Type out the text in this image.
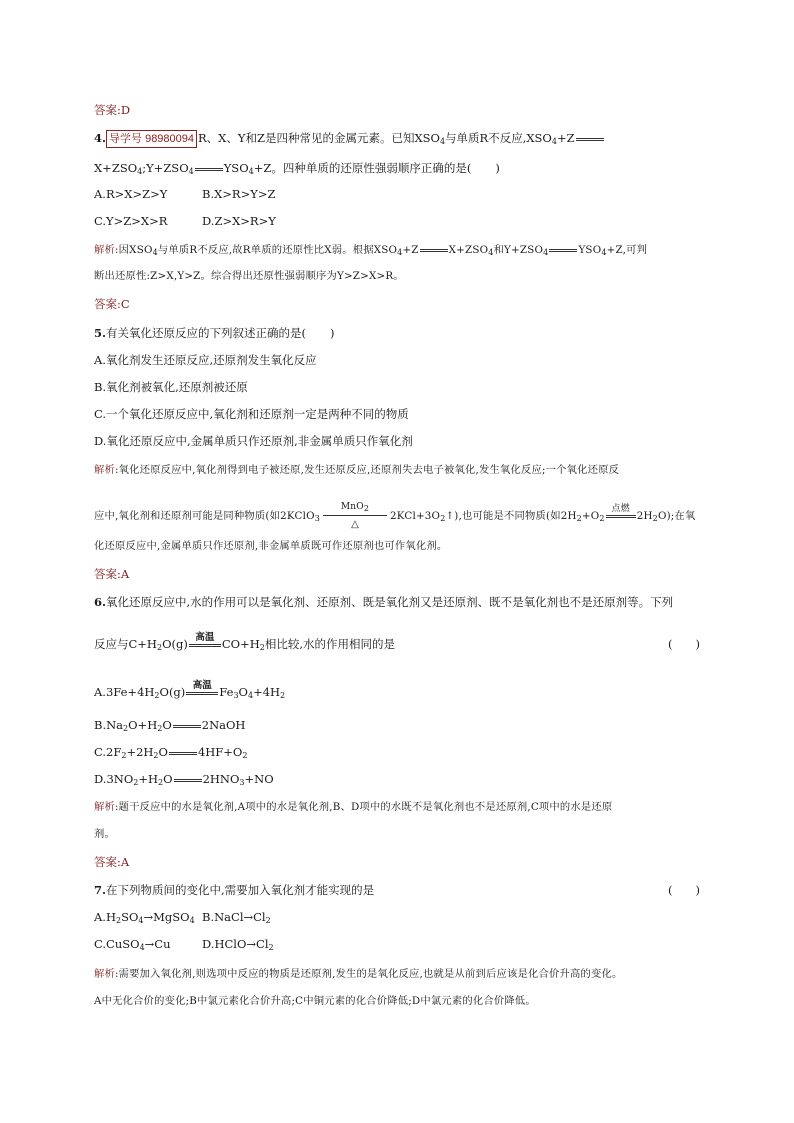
答案:D
4. 导学号 98980094 R、X、Y和Z是四种常见的金属元素。已知$XSO_4$与单质R不反应$,XSO_4+Z$
$X+ZSO_4;Y+ZSO_4$	$YSO_4+Z$。四种单质的还原性强弱顺序正确的是( )
A.R>X>Z>Y	B.X>R>Y>Z
C.Y>Z>X>R	D.Z>X>R>Y
解析:因$XSO_4$与单质R不反应,故R单质的还原性比X弱。根据$XSO_4+Z$	$X+ZSO_4$和$Y+ZSO_4$	$YSO_4+Z$,可判
断出还原性:Z>X,Y>Z。综合得出还原性强弱顺序为Y>Z>X>R。
答案:C
5.有关氧化还原反应的下列叙述正确的是( )
A.氧化剂发生还原反应,还原剂发生氧化反应
B.氧化剂被氧化,还原剂被还原
C.一个氧化还原反应中,氧化剂和还原剂一定是两种不同的物质
D.氧化还原反应中,金属单质只作还原剂,非金属单质只作氧化剂
解析:氧化还原反应中,氧化剂得到电子被还原,发生还原反应,还原剂失去电子被氧化,发生氧化反应;一个氧化还原反
应中,氧化剂和还原剂可能是同种物质(如2KClO$_3$
MnO$_2$
△
$2KCl+3O_2↑$),也可能是不同物质(如$2H_2+O_2$
点燃
$2H_2O$);在氧
化还原反应中,金属单质只作还原剂,非金属单质既可作还原剂也可作氧化剂。
答案:A
6.氧化还原反应中,水的作用可以是氧化剂、还原剂、既是氧化剂又是还原剂、既不是氧化剂也不是还原剂等。下列
反应与$C+H_2O(g)$ 高温 $CO+H_2$相比较,水的作用相同的是	(　　)
$A.3Fe+4H_2O(g)$ 高温 $Fe_3O_4+4H_2$
$B.Na_2O+H_2O$	2NaOH
$C.2F_2+2H_2O$	$4HF+O_2$
$D.3NO_2+H_2O$	$2HNO_3+NO$
解析:题干反应中的水是氧化剂,A项中的水是氧化剂,B、D项中的水既不是氧化剂也不是还原剂,C项中的水是还原
剂。
答案:A
7.在下列物质间的变化中,需要加入氧化剂才能实现的是	(　　)
$A.H_2SO_4\to MgSO_4$ $B.NaCl\to Cl_2$
C.CuSO$_4$→Cu	$D.HClO\to Cl_2$
解析:需要加入氧化剂,则选项中反应的物质是还原剂,发生的是氧化反应,也就是从前到后应该是化合价升高的变化。
A中无化合价的变化;B中氯元素化合价升高;C中铜元素的化合价降低;D中氯元素的化合价降低。
